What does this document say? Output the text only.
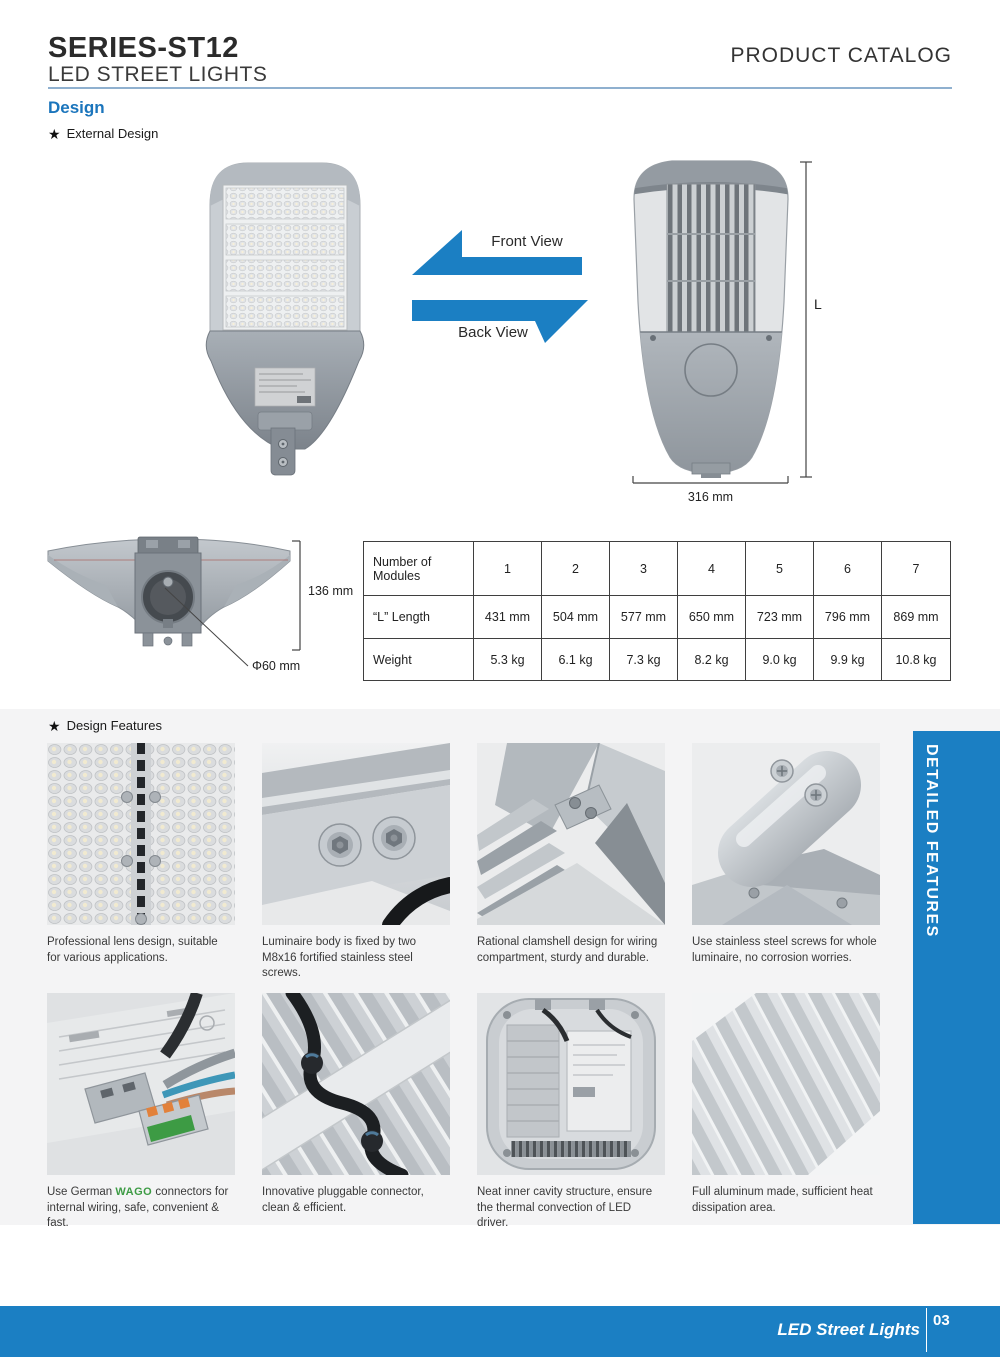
SERIES-ST12
LED STREET LIGHTS
PRODUCT CATALOG
Design
★ External Design
Front View
Back View
L
316 mm
136 mm
Φ60 mm
Number of Modules	1	2	3	4	5	6	7
“L” Length	431 mm	504 mm	577 mm	650 mm	723 mm	796 mm	869 mm
Weight	5.3 kg	6.1 kg	7.3 kg	8.2 kg	9.0 kg	9.9 kg	10.8 kg
★ Design Features
DETAILED FEATURES
Professional lens design, suitable for various applications.
Luminaire body is fixed by two M8x16 fortified stainless steel screws.
Rational clamshell design for wiring compartment, sturdy and durable.
Use stainless steel screws for whole luminaire, no corrosion worries.
Use German WAGO connectors for internal wiring, safe, convenient & fast.
Innovative pluggable connector, clean & efficient.
Neat inner cavity structure, ensure the thermal convection of LED driver.
Full aluminum made, sufficient heat dissipation area.
LED Street Lights 03
